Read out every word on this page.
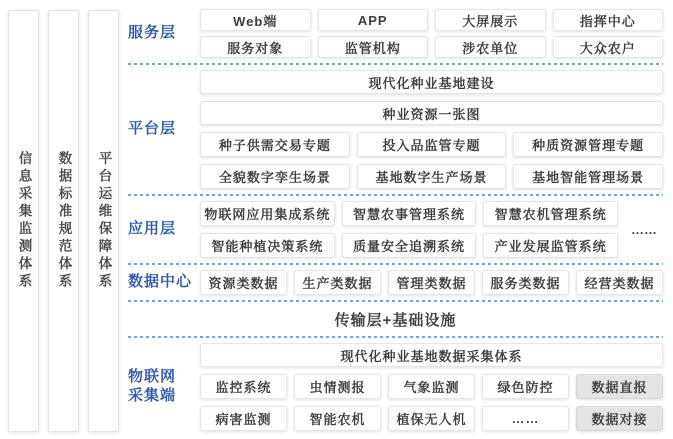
信息采集监测体系 数据标准规范体系 平台运维保障体系
服务层
Web端	APP	大屏展示	指挥中心
服务对象	监管机构	涉农单位	大众农户
平台层
现代化种业基地建设
种业资源一张图
种子供需交易专题	投入品监管专题	种质资源管理专题
全貌数字孪生场景	基地数字生产场景	基地智能管理场景
应用层
物联网应用集成系统	智慧农事管理系统	智慧农机管理系统
……
智能种植决策系统	质量安全追溯系统	产业发展监管系统
数据中心	资源类数据	生产类数据	管理类数据	服务类数据	经营类数据
传输层+基础设施
物联网
采集端
现代化种业基地数据采集体系
监控系统	虫情测报	气象监测	绿色防控	数据直报
病害监测	智能农机	植保无人机	……	数据对接
